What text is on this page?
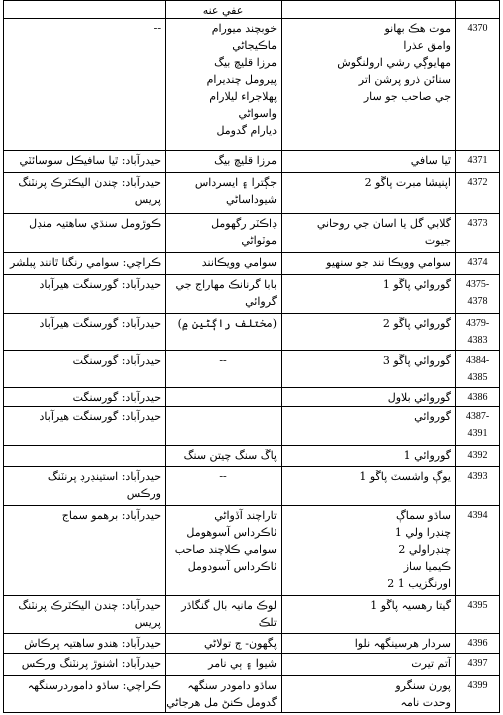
عفي عنه
4370
موت هڪ بهانو
وامق عذرا
مهايوڳي رشي ارولنگوش
سنائن ذرو پرشن اتر
جي صاحب جو سار
خوبچند ميورام
ماڪيجاڻي
مرزا قليچ بيگ
پيرومل چنديرام
پهلاجراء ليلارام
واسواڻي
ديارام گدومل
--
4371
ٿيا سافي
مرزا قليچ بيگ
حيدرآباد: ٿيا سافيڪل سوسائٽي
4372
اپنيشا مبرت پاڱو 2
جڳترا ۽ ايسرداس
شيوداساڻي
حيدرآباد: چندن اليڪٽرڪ پرنٽنگ
پريس
4373
گلابي گل يا اسان جي روحاني
جيوت
ڊاڪٽر رگهومل
موٽواڻي
ڪوڙومل سنڌي ساهتيہ منڊل
4374
سوامي وويڪا نند جو سنهيو
سوامي وويڪانند
ڪراچي: سوامي رنگنا ٿانند پبلشر
4375-
4378
گوروائي پاڱو 1
بابا گرنانڪ مهاراج جي
گروائي
حيدرآباد: گورسنگت هيرآباد
4379-
4383
گوروائي پاڱو 2
(مختلف راڳڻين ۾)
حيدرآباد: گورسنگت هيرآباد
4384-
4385
گوروائي پاڱو 3
--
حيدرآباد: گورسنگت
4386
گوروائي بلاول
حيدرآباد: گورسنگت
4387-
4391
گوروائي
حيدرآباد: گورسنگت هيرآباد
4392
گوروائي 1
پاڱ سنگ چيتن سنگ
4393
يوڳ واشسٽ پاڱو 1
--
حيدرآباد: استينڊرڊ پرنٽنگ
ورڪس
4394
ساڌو سماڳ
چنڊرا ولي 1
چنڊراولي 2
ڪيميا ساز
اورنگزيب 1 2
تاراچند آڏواڻي
ٺاڪرداس آسوهومل
سوامي ڪلاچند صاحب
ٺاڪرداس آسودومل
حيدرآباد: برهمو سماج
4395
گيتا رهسيہ پاڱو 1
لوڪ مانيہ بال گنگاڌر
تلڪ
حيدرآباد: چندن اليڪٽرڪ پرنٽنگ
پريس
4396
سردار هرسينگهہ نلوا
پگهون- ڄ تولاڻي
حيدرآباد: هندو ساهتيہ پرڪاش
4397
آتم تيرت
شيوا ۽ ٻي نامر
حيدرآباد: اشنوڙ پرنٽنگ ورڪس
4399
پورن سنگرو
وحدت نامہ
ساڌو دامودر سنگهہ
گدومل ڪنڻ مل هرجاڻي
ڪراچي: ساڌو داموردرسنگهہ
